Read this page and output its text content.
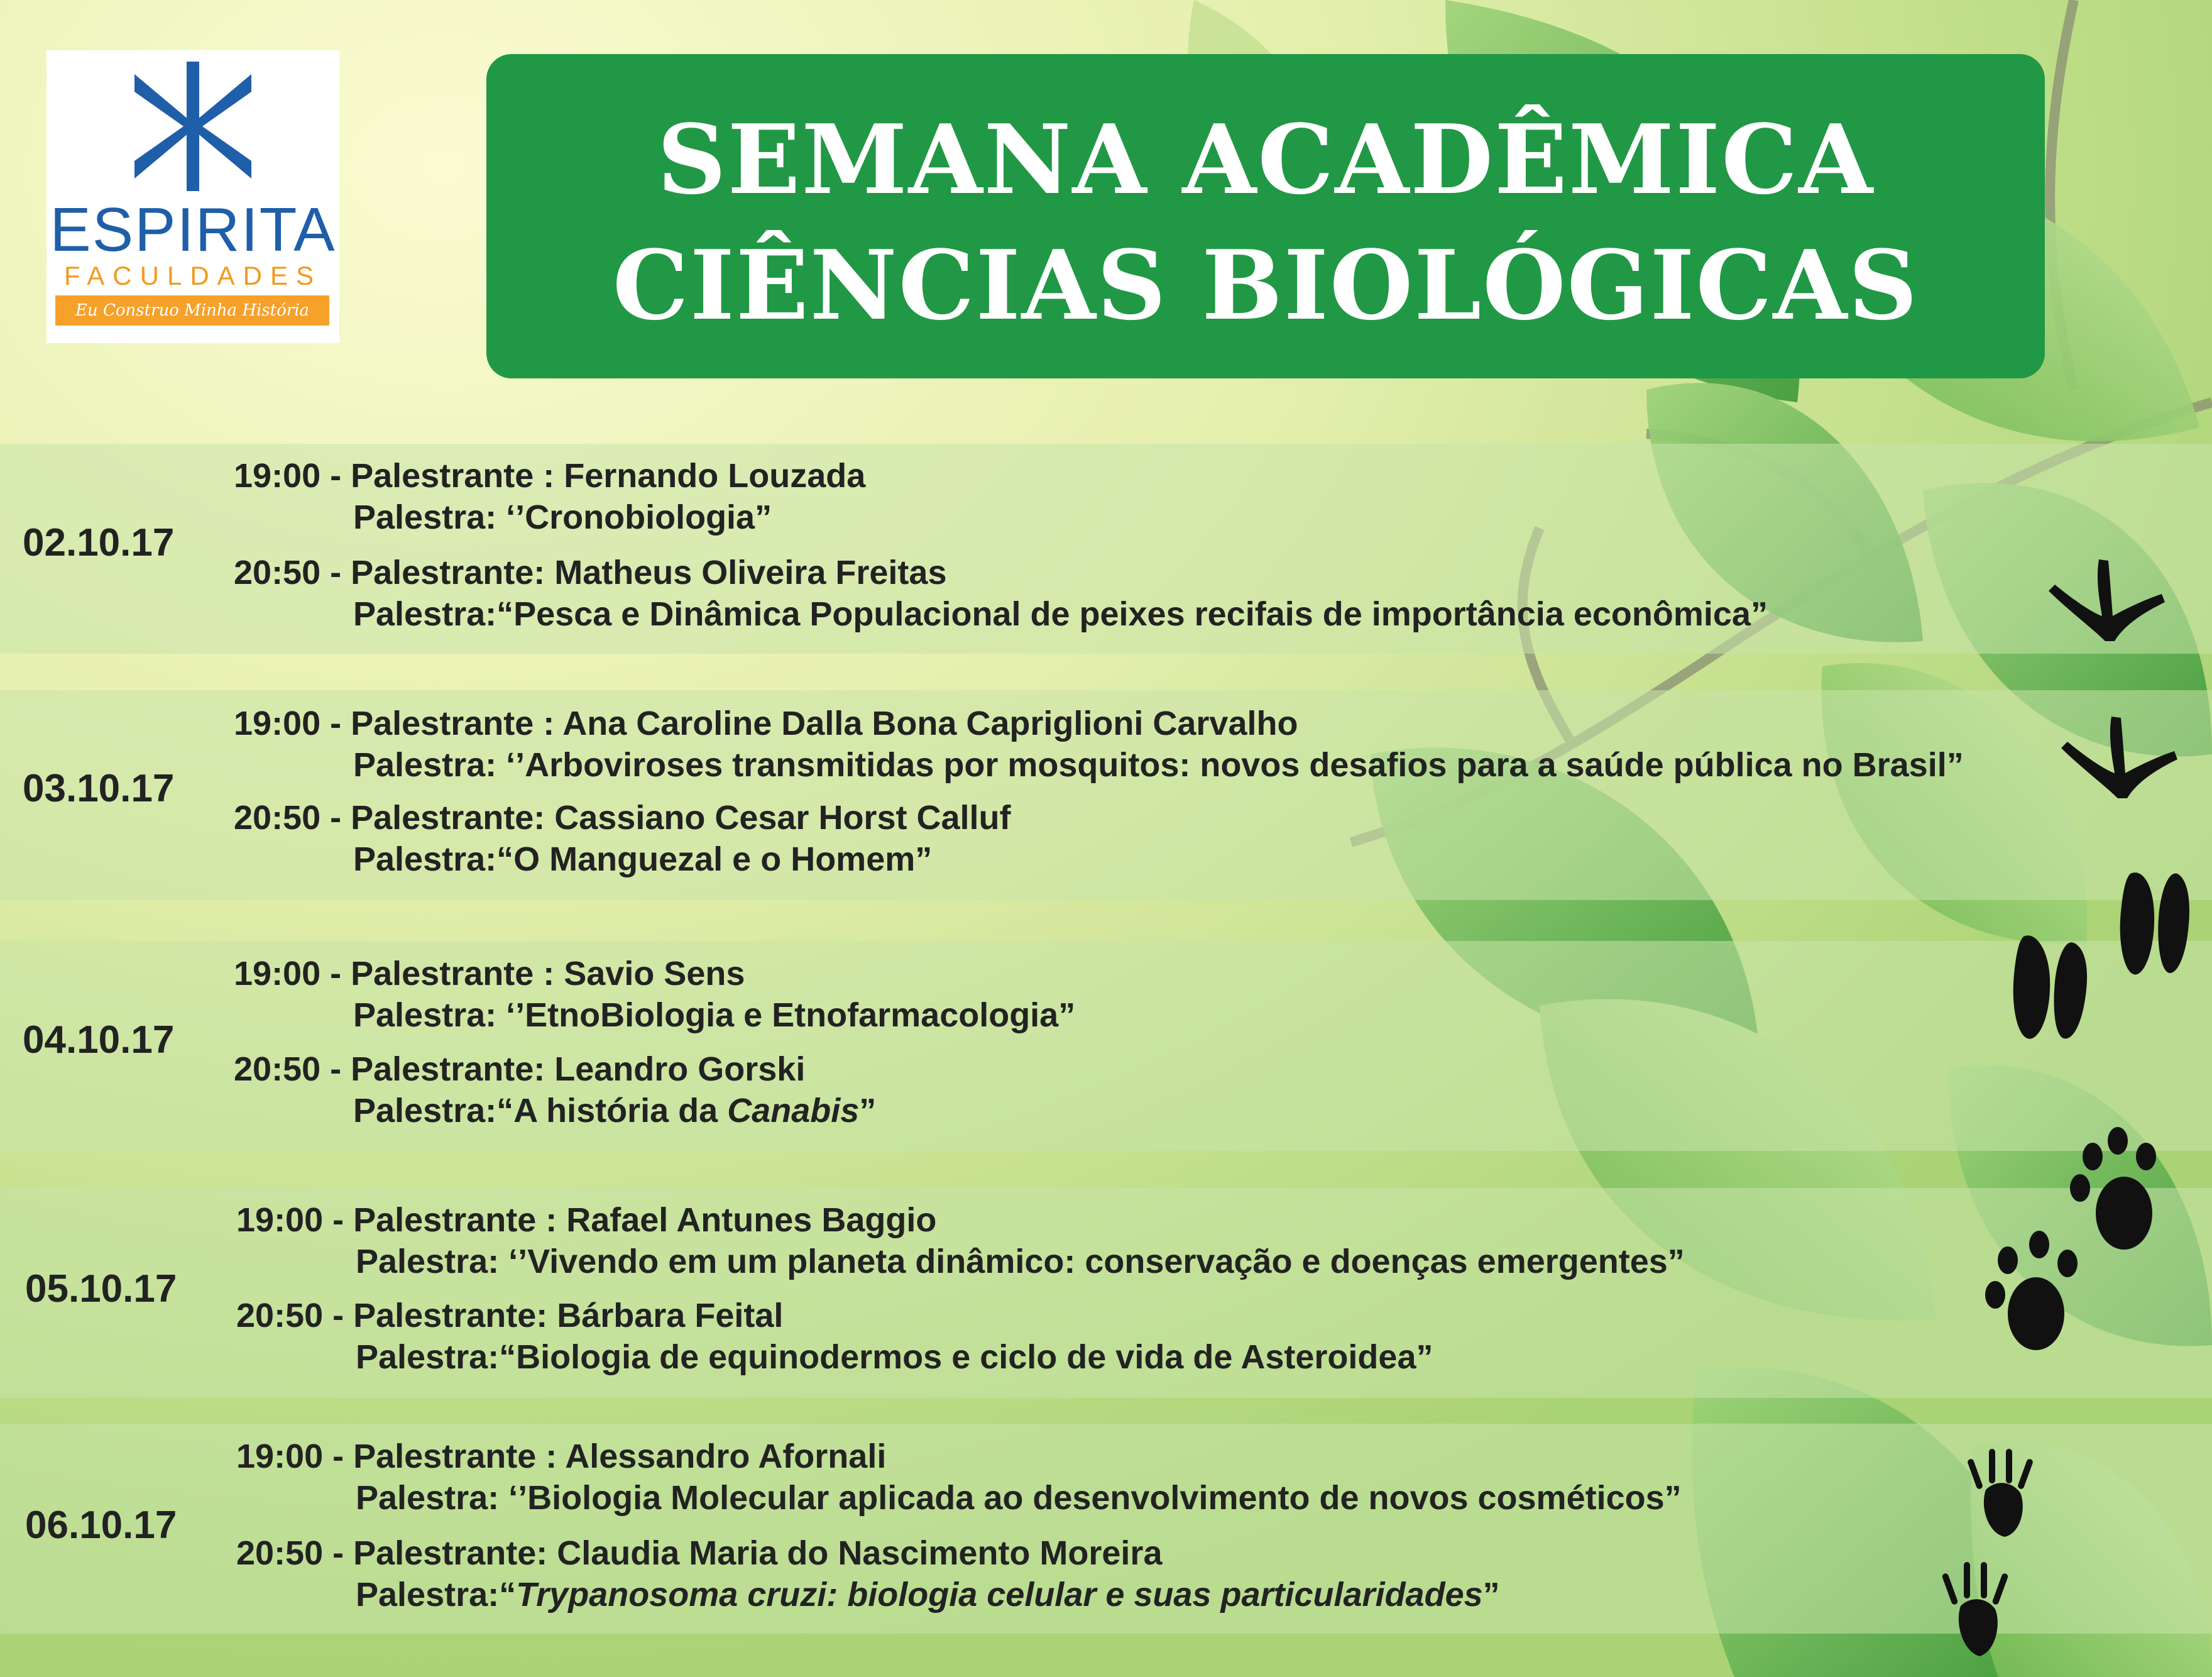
ESPIRITA
FACULDADES
Eu Construo Minha História
SEMANA ACADÊMICA
CIÊNCIAS BIOLÓGICAS
02.10.17
19:00 - Palestrante : Fernando Louzada
Palestra: ‘’Cronobiologia”
20:50 - Palestrante: Matheus Oliveira Freitas
Palestra:“Pesca e Dinâmica Populacional de peixes recifais de importância econômica”
03.10.17
19:00 - Palestrante : Ana Caroline Dalla Bona Capriglioni Carvalho
Palestra: ‘’Arboviroses transmitidas por mosquitos: novos desafios para a saúde pública no Brasil”
20:50 - Palestrante: Cassiano Cesar Horst Calluf
Palestra:“O Manguezal e o Homem”
04.10.17
19:00 - Palestrante : Savio Sens
Palestra: ‘’EtnoBiologia e Etnofarmacologia”
20:50 - Palestrante: Leandro Gorski
Palestra:“A história da Canabis”
05.10.17
19:00 - Palestrante : Rafael Antunes Baggio
Palestra: ‘’Vivendo em um planeta dinâmico: conservação e doenças emergentes”
20:50 - Palestrante: Bárbara Feital
Palestra:“Biologia de equinodermos e ciclo de vida de Asteroidea”
06.10.17
19:00 - Palestrante : Alessandro Afornali
Palestra: ‘’Biologia Molecular aplicada ao desenvolvimento de novos cosméticos”
20:50 - Palestrante: Claudia Maria do Nascimento Moreira
Palestra:“Trypanosoma cruzi: biologia celular e suas particularidades”
